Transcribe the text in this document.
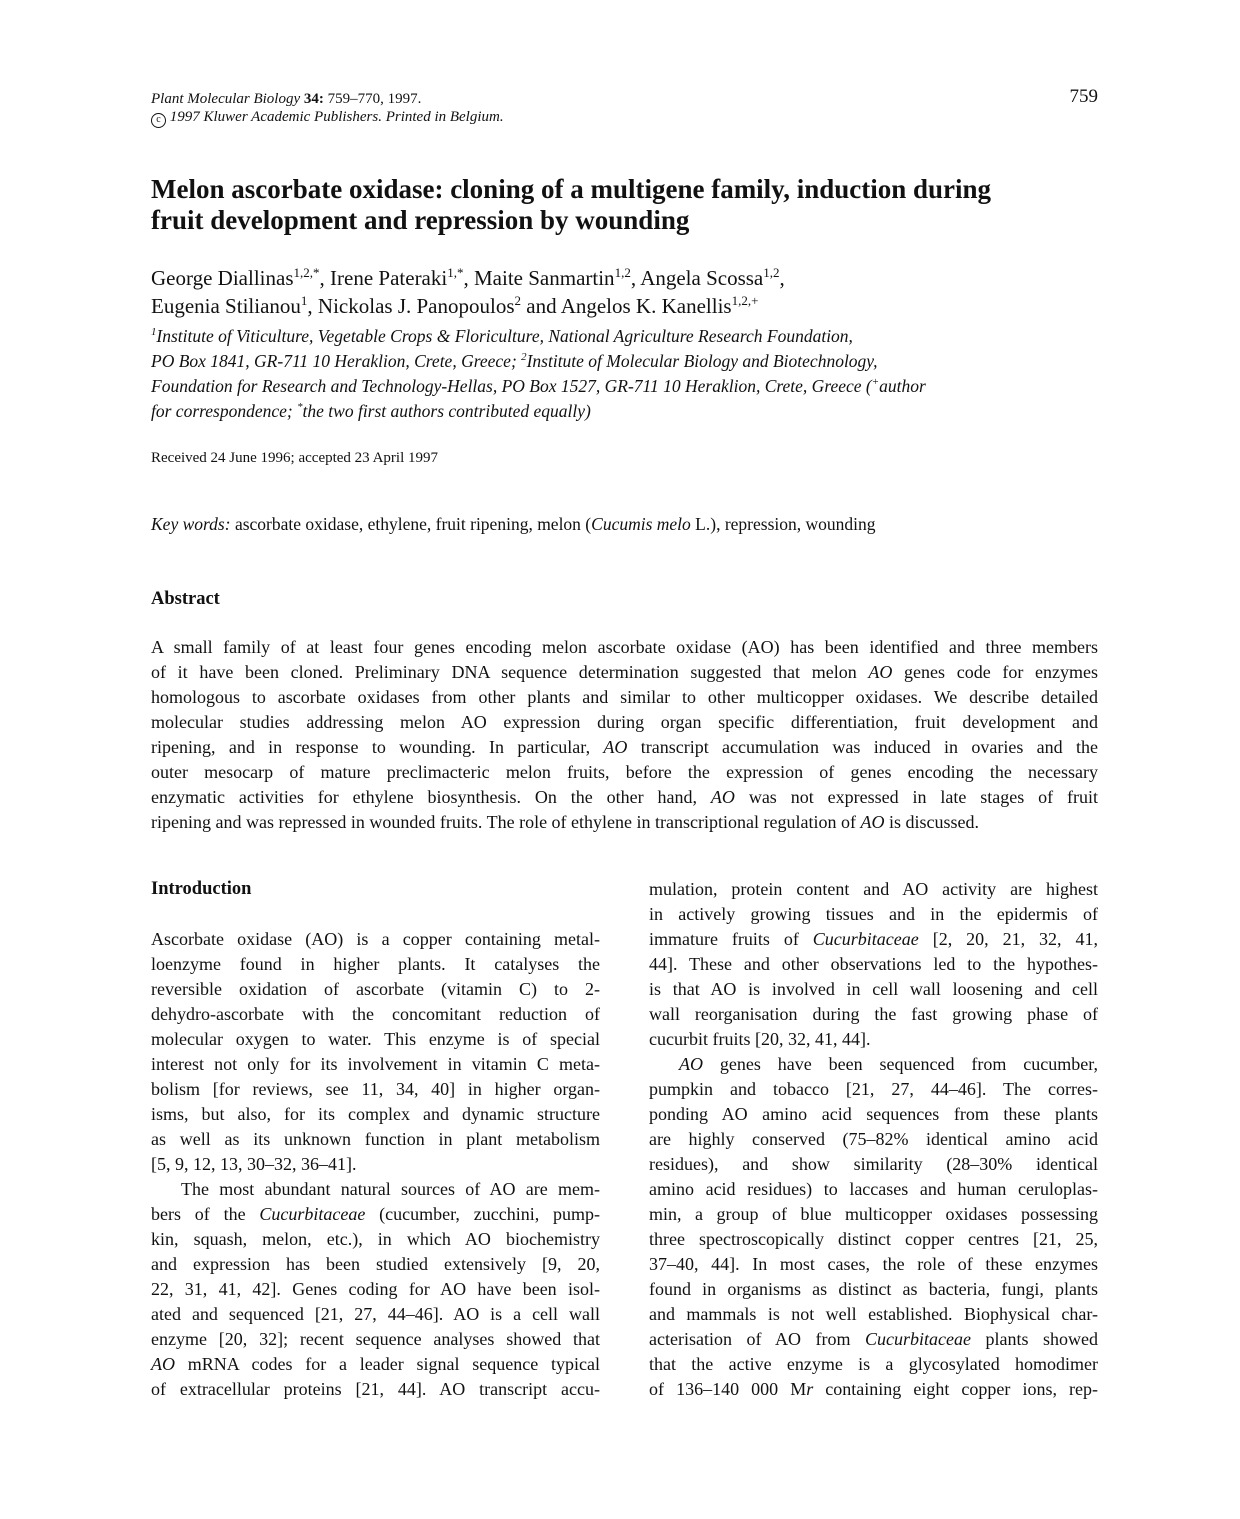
Plant Molecular Biology 34: 759–770, 1997.
c 1997 Kluwer Academic Publishers. Printed in Belgium.
759
Melon ascorbate oxidase: cloning of a multigene family, induction during
fruit development and repression by wounding
George Diallinas$^{1,2,*}$, Irene Pateraki$^{1,*}$, Maite Sanmartin$^{1,2}$, Angela Scossa$^{1,2}$,
Eugenia Stilianou$^1$, Nickolas J. Panopoulos$^2$ and Angelos K. Kanellis$^{1,2,+}$
$^1$Institute of Viticulture, Vegetable Crops & Floriculture, National Agriculture Research Foundation,
PO Box 1841, GR-711 10 Heraklion, Crete, Greece; $^2$Institute of Molecular Biology and Biotechnology,
Foundation for Research and Technology-Hellas, PO Box 1527, GR-711 10 Heraklion, Crete, Greece (+author
for correspondence; *the two first authors contributed equally)
Received 24 June 1996; accepted 23 April 1997
Key words: ascorbate oxidase, ethylene, fruit ripening, melon (Cucumis melo L.), repression, wounding
Abstract
A small family of at least four genes encoding melon ascorbate oxidase (AO) has been identified and three members
of it have been cloned. Preliminary DNA sequence determination suggested that melon AO genes code for enzymes
homologous to ascorbate oxidases from other plants and similar to other multicopper oxidases. We describe detailed
molecular studies addressing melon AO expression during organ specific differentiation, fruit development and
ripening, and in response to wounding. In particular, AO transcript accumulation was induced in ovaries and the
outer mesocarp of mature preclimacteric melon fruits, before the expression of genes encoding the necessary
enzymatic activities for ethylene biosynthesis. On the other hand, AO was not expressed in late stages of fruit
ripening and was repressed in wounded fruits. The role of ethylene in transcriptional regulation of AO is discussed.
Introduction
Ascorbate oxidase (AO) is a copper containing metal-
loenzyme found in higher plants. It catalyses the
reversible oxidation of ascorbate (vitamin C) to 2-
dehydro-ascorbate with the concomitant reduction of
molecular oxygen to water. This enzyme is of special
interest not only for its involvement in vitamin C meta-
bolism [for reviews, see 11, 34, 40] in higher organ-
isms, but also, for its complex and dynamic structure
as well as its unknown function in plant metabolism
[5, 9, 12, 13, 30–32, 36–41].
The most abundant natural sources of AO are mem-
bers of the Cucurbitaceae (cucumber, zucchini, pump-
kin, squash, melon, etc.), in which AO biochemistry
and expression has been studied extensively [9, 20,
22, 31, 41, 42]. Genes coding for AO have been isol-
ated and sequenced [21, 27, 44–46]. AO is a cell wall
enzyme [20, 32]; recent sequence analyses showed that
AO mRNA codes for a leader signal sequence typical
of extracellular proteins [21, 44]. AO transcript accu-
mulation, protein content and AO activity are highest
in actively growing tissues and in the epidermis of
immature fruits of Cucurbitaceae [2, 20, 21, 32, 41,
44]. These and other observations led to the hypothes-
is that AO is involved in cell wall loosening and cell
wall reorganisation during the fast growing phase of
cucurbit fruits [20, 32, 41, 44].
AO genes have been sequenced from cucumber,
pumpkin and tobacco [21, 27, 44–46]. The corres-
ponding AO amino acid sequences from these plants
are highly conserved (75–82% identical amino acid
residues), and show similarity (28–30% identical
amino acid residues) to laccases and human ceruloplas-
min, a group of blue multicopper oxidases possessing
three spectroscopically distinct copper centres [21, 25,
37–40, 44]. In most cases, the role of these enzymes
found in organisms as distinct as bacteria, fungi, plants
and mammals is not well established. Biophysical char-
acterisation of AO from Cucurbitaceae plants showed
that the active enzyme is a glycosylated homodimer
of 136–140 000 Mr containing eight copper ions, rep-
